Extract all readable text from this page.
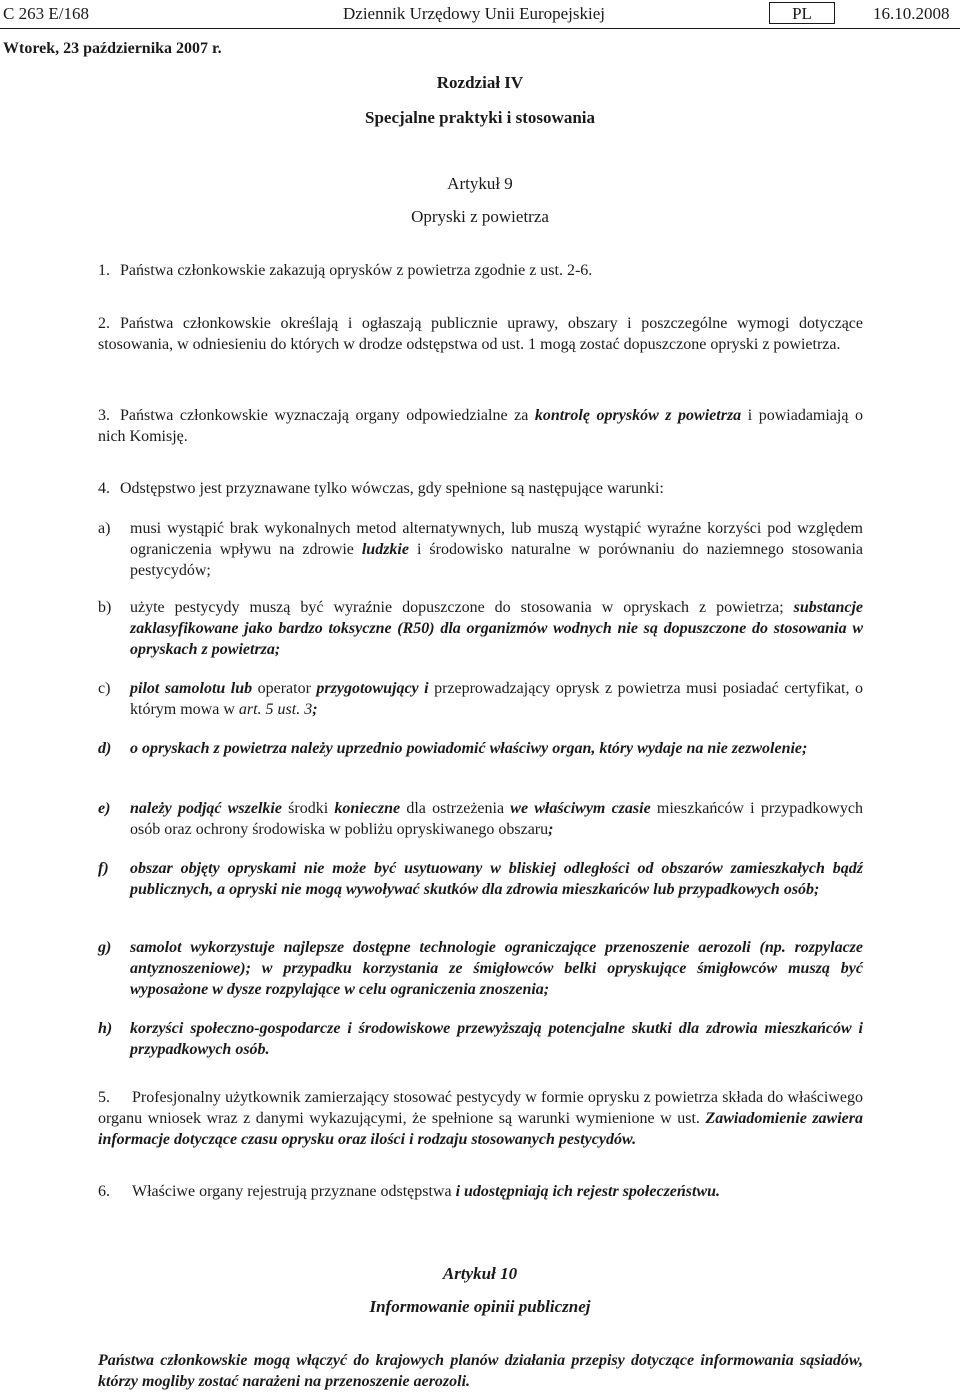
C 263 E/168	Dziennik Urzędowy Unii Europejskiej	PL	16.10.2008
Wtorek, 23 października 2007 r.
Rozdział IV
Specjalne praktyki i stosowania
Artykuł 9
Opryski z powietrza
1. Państwa członkowskie zakazują oprysków z powietrza zgodnie z ust. 2-6.
2. Państwa członkowskie określają i ogłaszają publicznie uprawy, obszary i poszczególne wymogi dotyczące stosowania, w odniesieniu do których w drodze odstępstwa od ust. 1 mogą zostać dopuszczone opryski z powietrza.
3. Państwa członkowskie wyznaczają organy odpowiedzialne za kontrolę oprysków z powietrza i powiadamiają o nich Komisję.
4. Odstępstwo jest przyznawane tylko wówczas, gdy spełnione są następujące warunki:
a) musi wystąpić brak wykonalnych metod alternatywnych, lub muszą wystąpić wyraźne korzyści pod względem ograniczenia wpływu na zdrowie ludzkie i środowisko naturalne w porównaniu do naziemnego stosowania pestycydów;
b) użyte pestycydy muszą być wyraźnie dopuszczone do stosowania w opryskach z powietrza; substancje zaklasyfikowane jako bardzo toksyczne (R50) dla organizmów wodnych nie są dopuszczone do stosowania w opryskach z powietrza;
c) pilot samolotu lub operator przygotowujący i przeprowadzający oprysk z powietrza musi posiadać certyfikat, o którym mowa w art. 5 ust. 3;
d) o opryskach z powietrza należy uprzednio powiadomić właściwy organ, który wydaje na nie zezwolenie;
e) należy podjąć wszelkie środki konieczne dla ostrzeżenia we właściwym czasie mieszkańców i przypadkowych osób oraz ochrony środowiska w pobliżu opryskiwanego obszaru;
f) obszar objęty opryskami nie może być usytuowany w bliskiej odległości od obszarów zamieszkałych bądź publicznych, a opryski nie mogą wywoływać skutków dla zdrowia mieszkańców lub przypadkowych osób;
g) samolot wykorzystuje najlepsze dostępne technologie ograniczające przenoszenie aerozoli (np. rozpylacze antyznoszeniowe); w przypadku korzystania ze śmigłowców belki opryskujące śmigłowców muszą być wyposażone w dysze rozpylające w celu ograniczenia znoszenia;
h) korzyści społeczno-gospodarcze i środowiskowe przewyższają potencjalne skutki dla zdrowia mieszkańców i przypadkowych osób.
5. Profesjonalny użytkownik zamierzający stosować pestycydy w formie oprysku z powietrza składa do właściwego organu wniosek wraz z danymi wykazującymi, że spełnione są warunki wymienione w ust. Zawiadomienie zawiera informacje dotyczące czasu oprysku oraz ilości i rodzaju stosowanych pestycydów.
6. Właściwe organy rejestrują przyznane odstępstwa i udostępniają ich rejestr społeczeństwu.
Artykuł 10
Informowanie opinii publicznej
Państwa członkowskie mogą włączyć do krajowych planów działania przepisy dotyczące informowania sąsiadów, którzy mogliby zostać narażeni na przenoszenie aerozoli.
